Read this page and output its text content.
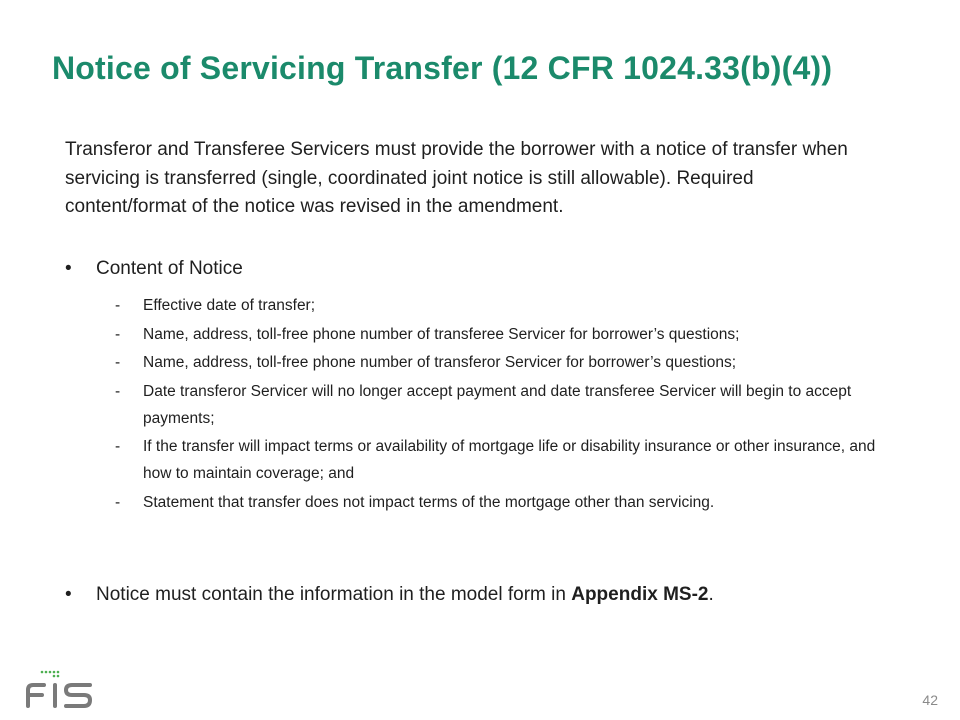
Notice of Servicing Transfer (12 CFR 1024.33(b)(4))
Transferor and Transferee Servicers must provide the borrower with a notice of transfer when servicing is transferred (single, coordinated joint notice is still allowable). Required content/format of the notice was revised in the amendment.
•	Content of Notice
- Effective date of transfer;
- Name, address, toll-free phone number of transferee Servicer for borrower’s questions;
- Name, address, toll-free phone number of transferor Servicer for borrower’s questions;
- Date transferor Servicer will no longer accept payment and date transferee Servicer will begin to accept payments;
- If the transfer will impact terms or availability of mortgage life or disability insurance or other insurance, and how to maintain coverage; and
- Statement that transfer does not impact terms of the mortgage other than servicing.
•	Notice must contain the information in the model form in Appendix MS-2.
42
